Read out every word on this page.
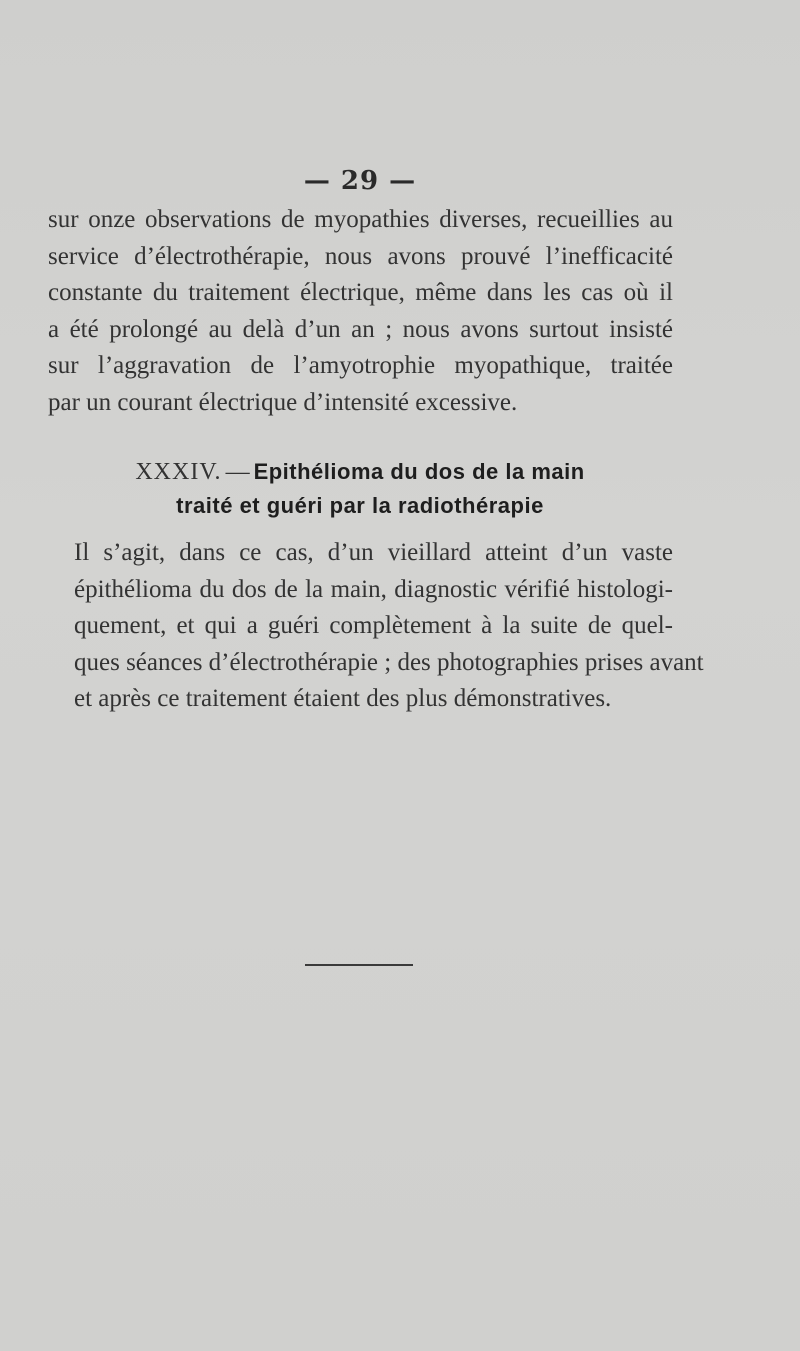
— 29 —
sur onze observations de myopathies diverses, recueillies au
service d’électrothérapie, nous avons prouvé l’inefficacité
constante du traitement électrique, même dans les cas où il
a été prolongé au delà d’un an ; nous avons surtout insisté
sur l’aggravation de l’amyotrophie myopathique, traitée
par un courant électrique d’intensité excessive.
XXXIV. — Epithélioma du dos de la main
traité et guéri par la radiothérapie
Il s’agit, dans ce cas, d’un vieillard atteint d’un vaste
épithélioma du dos de la main, diagnostic vérifié histologi-
quement, et qui a guéri complètement à la suite de quel-
ques séances d’électrothérapie ; des photographies prises avant
et après ce traitement étaient des plus démonstratives.
